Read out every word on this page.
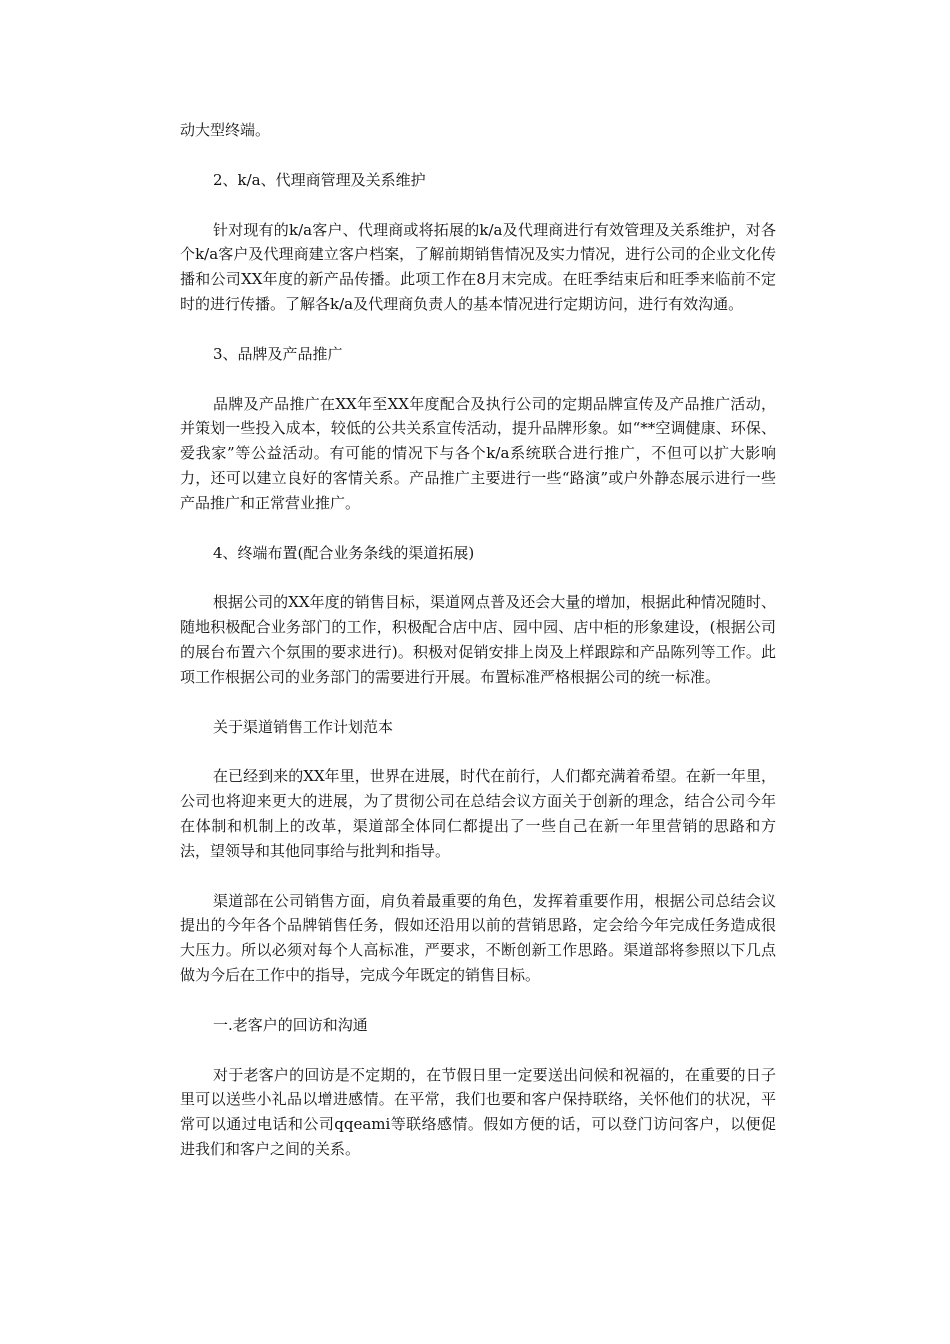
动大型终端。

2、k/a、代理商管理及关系维护

针对现有的k/a客户、代理商或将拓展的k/a及代理商进行有效管理及关系维护，对各个k/a客户及代理商建立客户档案，了解前期销售情况及实力情况，进行公司的企业文化传播和公司XX年度的新产品传播。此项工作在8月末完成。在旺季结束后和旺季来临前不定时的进行传播。了解各k/a及代理商负责人的基本情况进行定期访问，进行有效沟通。

3、品牌及产品推广

品牌及产品推广在XX年至XX年度配合及执行公司的定期品牌宣传及产品推广活动，并策划一些投入成本，较低的公共关系宣传活动，提升品牌形象。如“**空调健康、环保、爱我家”等公益活动。有可能的情况下与各个k/a系统联合进行推广，不但可以扩大影响力，还可以建立良好的客情关系。产品推广主要进行一些“路演”或户外静态展示进行一些产品推广和正常营业推广。

4、终端布置(配合业务条线的渠道拓展)

根据公司的XX年度的销售目标，渠道网点普及还会大量的增加，根据此种情况随时、随地积极配合业务部门的工作，积极配合店中店、园中园、店中柜的形象建设，(根据公司的展台布置六个氛围的要求进行)。积极对促销安排上岗及上样跟踪和产品陈列等工作。此项工作根据公司的业务部门的需要进行开展。布置标准严格根据公司的统一标准。

关于渠道销售工作计划范本

在已经到来的XX年里，世界在进展，时代在前行，人们都充满着希望。在新一年里，公司也将迎来更大的进展，为了贯彻公司在总结会议方面关于创新的理念，结合公司今年在体制和机制上的改革，渠道部全体同仁都提出了一些自己在新一年里营销的思路和方法，望领导和其他同事给与批判和指导。

渠道部在公司销售方面，肩负着最重要的角色，发挥着重要作用，根据公司总结会议提出的今年各个品牌销售任务，假如还沿用以前的营销思路，定会给今年完成任务造成很大压力。所以必须对每个人高标准，严要求，不断创新工作思路。渠道部将参照以下几点做为今后在工作中的指导，完成今年既定的销售目标。

一.老客户的回访和沟通

对于老客户的回访是不定期的，在节假日里一定要送出问候和祝福的，在重要的日子里可以送些小礼品以增进感情。在平常，我们也要和客户保持联络，关怀他们的状况，平常可以通过电话和公司qqeami等联络感情。假如方便的话，可以登门访问客户，以便促进我们和客户之间的关系。
